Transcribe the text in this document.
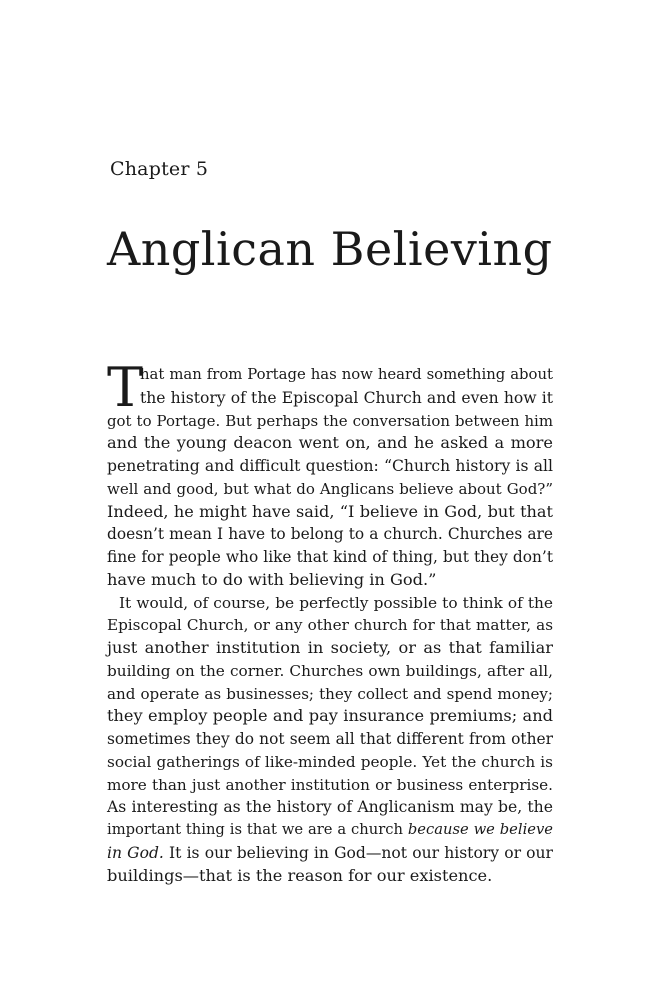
Chapter 5
Anglican Believing
T
hat man from Portage has now heard something about
the history of the Episcopal Church and even how it
got to Portage. But perhaps the conversation between him
and the young deacon went on, and he asked a more
penetrating and difficult question: “Church history is all
well and good, but what do Anglicans believe about God?”
Indeed, he might have said, “I believe in God, but that
doesn’t mean I have to belong to a church. Churches are
fine for people who like that kind of thing, but they don’t
have much to do with believing in God.”
It would, of course, be perfectly possible to think of the
Episcopal Church, or any other church for that matter, as
just another institution in society, or as that familiar
building on the corner. Churches own buildings, after all,
and operate as businesses; they collect and spend money;
they employ people and pay insurance premiums; and
sometimes they do not seem all that different from other
social gatherings of like-minded people. Yet the church is
more than just another institution or business enterprise.
As interesting as the history of Anglicanism may be, the
important thing is that we are a church because we believe
in God. It is our believing in God—not our history or our
buildings—that is the reason for our existence.
